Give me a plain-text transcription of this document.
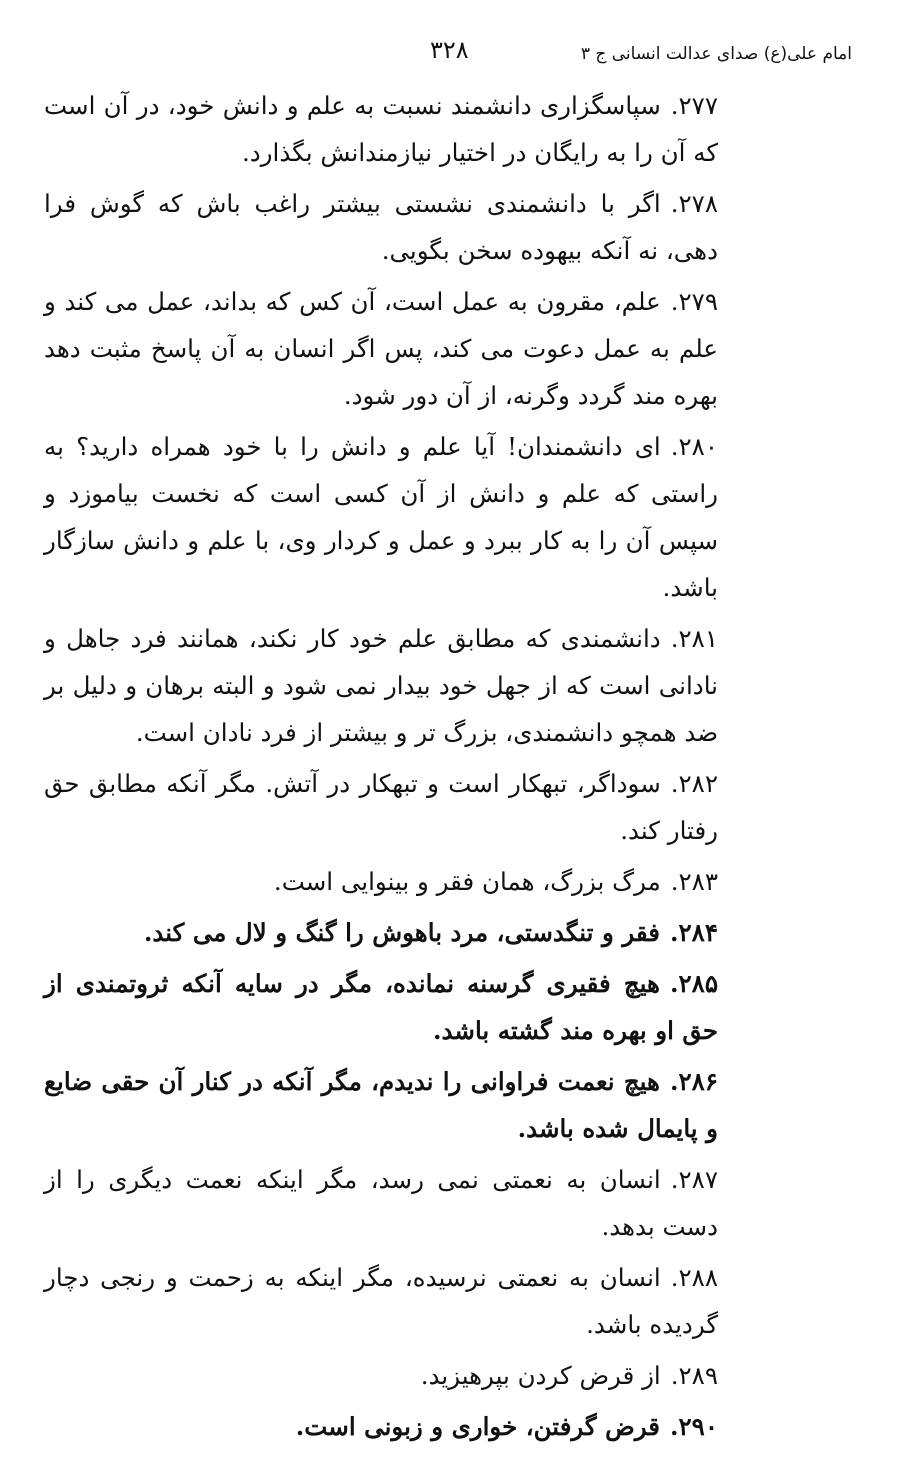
امام علی(ع) صدای عدالت انسانی ج ۳
۳۲۸

۲۷۷.سپاسگزاری دانشمند نسبت به علم و دانش خود، در آن است که آن را به رایگان در اختیار نیازمندانش بگذارد.

۲۷۸.اگر با دانشمندی نشستی بیشتر راغب باش که گوش فرا دهی، نه آنکه بیهوده سخن بگویی.

۲۷۹.علم، مقرون به عمل است، آن کس که بداند، عمل می کند و علم به عمل دعوت می کند، پس اگر انسان به آن پاسخ مثبت دهد بهره مند گردد وگرنه، از آن دور شود.

۲۸۰.ای دانشمندان! آیا علم و دانش را با خود همراه دارید؟ به راستی که علم و دانش از آن کسی است که نخست بیاموزد و سپس آن را به کار ببرد و عمل و کردار وی، با علم و دانش سازگار باشد.

۲۸۱.دانشمندی که مطابق علم خود کار نکند، همانند فرد جاهل و نادانی است که از جهل خود بیدار نمی شود و البته برهان و دلیل بر ضد همچو دانشمندی، بزرگ تر و بیشتر از فرد نادان است.

۲۸۲.سوداگر، تبهکار است و تبهکار در آتش. مگر آنکه مطابق حق رفتار کند.

۲۸۳.مرگ بزرگ، همان فقر و بینوایی است.

۲۸۴.فقر و تنگدستی، مرد باهوش را گنگ و لال می کند.

۲۸۵.هیچ فقیری گرسنه نمانده، مگر در سایه آنکه ثروتمندی از حق او بهره مند گشته باشد.

۲۸۶.هیچ نعمت فراوانی را ندیدم، مگر آنکه در کنار آن حقی ضایع و پایمال شده باشد.

۲۸۷.انسان به نعمتی نمی رسد، مگر اینکه نعمت دیگری را از دست بدهد.

۲۸۸.انسان به نعمتی نرسیده، مگر اینکه به زحمت و رنجی دچار گردیده باشد.

۲۸۹.از قرض کردن بپرهیزید.

۲۹۰.قرض گرفتن، خواری و زبونی است.
